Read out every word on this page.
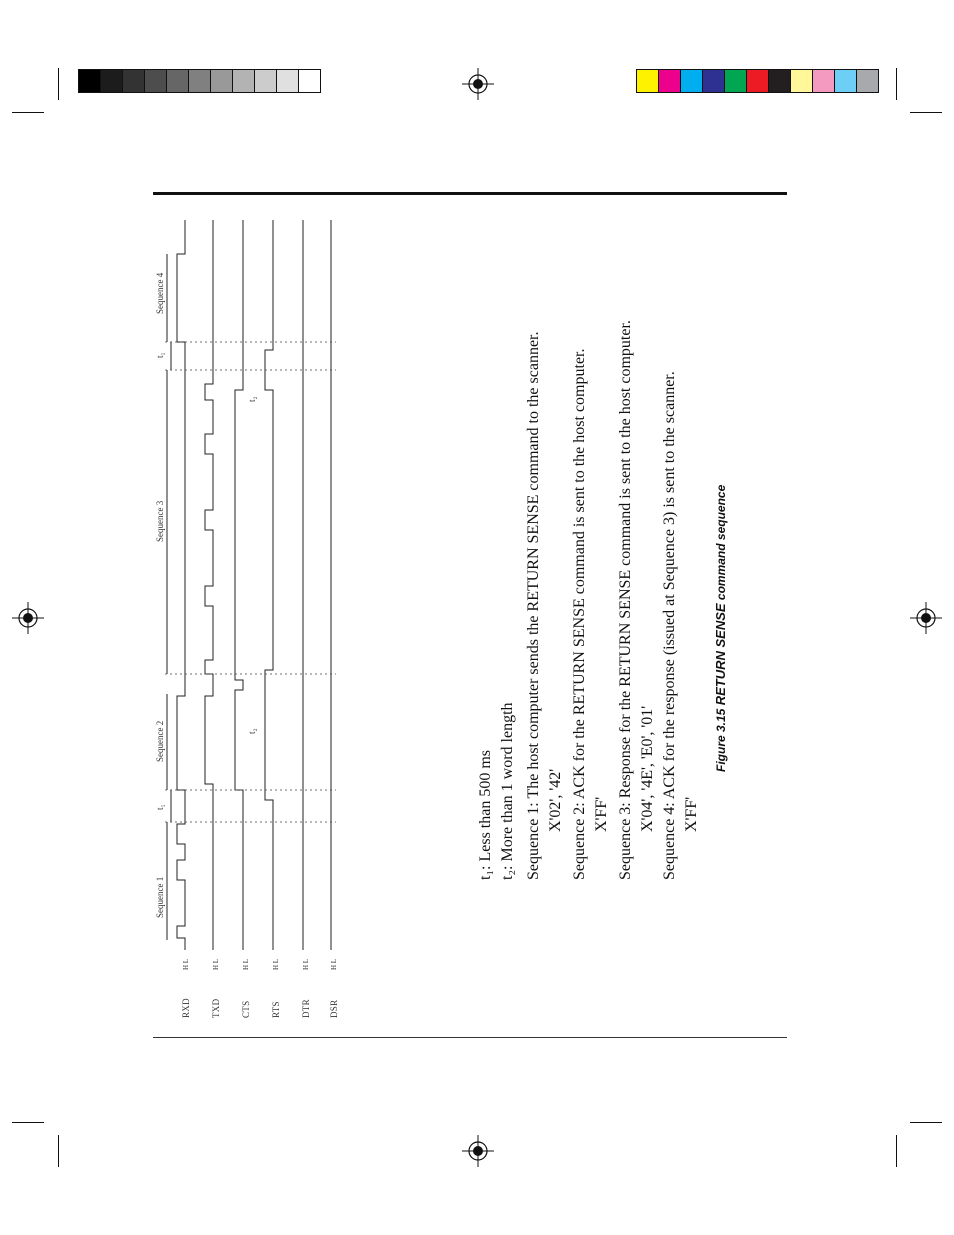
RXD TXD CTS RTS DTR DSR
H L	H L	H L	H L	H L	H L
Sequence 1
Sequence 2
Sequence 3
Sequence 4
t₁
t₁
t₂
t₂
t₁: Less than 500 ms t₂: More than 1 word length Sequence 1: The host computer sends the RETURN SENSE command to the scanner. X'02', '42' Sequence 2: ACK for the RETURN SENSE command is sent to the host computer. X'FF' Sequence 3: Response for the RETURN SENSE command is sent to the host computer. X'04', '4E', 'E0', '01' Sequence 4: ACK for the response (issued at Sequence 3) is sent to the scanner. X'FF'
Figure 3.15 RETURN SENSE command sequence
